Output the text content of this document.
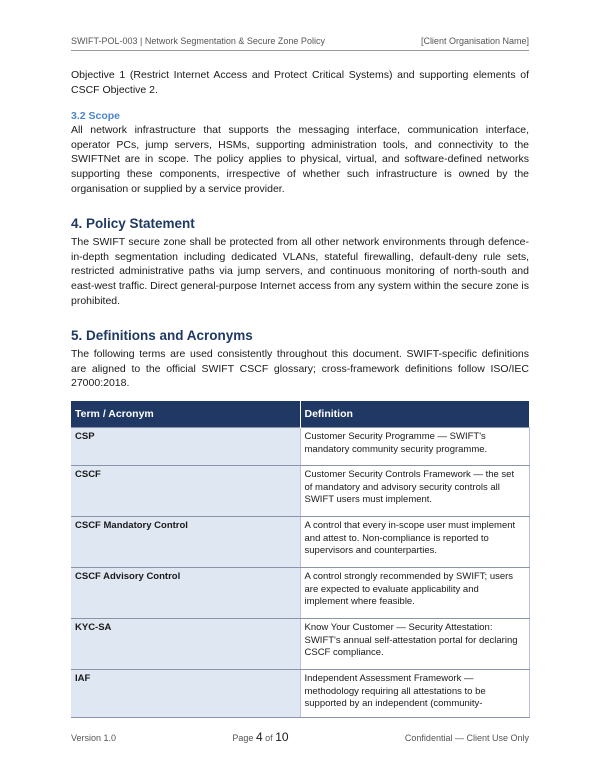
SWIFT-POL-003 | Network Segmentation & Secure Zone Policy	[Client Organisation Name]

Objective 1 (Restrict Internet Access and Protect Critical Systems) and supporting elements of CSCF Objective 2.

3.2 Scope

All network infrastructure that supports the messaging interface, communication interface, operator PCs, jump servers, HSMs, supporting administration tools, and connectivity to the SWIFTNet are in scope. The policy applies to physical, virtual, and software-defined networks supporting these components, irrespective of whether such infrastructure is owned by the organisation or supplied by a service provider.

4. Policy Statement

The SWIFT secure zone shall be protected from all other network environments through defence-in-depth segmentation including dedicated VLANs, stateful firewalling, default-deny rule sets, restricted administrative paths via jump servers, and continuous monitoring of north-south and east-west traffic. Direct general-purpose Internet access from any system within the secure zone is prohibited.

5. Definitions and Acronyms

The following terms are used consistently throughout this document. SWIFT-specific definitions are aligned to the official SWIFT CSCF glossary; cross-framework definitions follow ISO/IEC 27000:2018.

Term / Acronym	Definition
CSP	Customer Security Programme — SWIFT's mandatory community security programme.
CSCF	Customer Security Controls Framework — the set of mandatory and advisory security controls all SWIFT users must implement.
CSCF Mandatory Control	A control that every in-scope user must implement and attest to. Non-compliance is reported to supervisors and counterparties.
CSCF Advisory Control	A control strongly recommended by SWIFT; users are expected to evaluate applicability and implement where feasible.
KYC-SA	Know Your Customer — Security Attestation: SWIFT's annual self-attestation portal for declaring CSCF compliance.
IAF	Independent Assessment Framework — methodology requiring all attestations to be supported by an independent (community-
Version 1.0	Page 4 of 10	Confidential — Client Use Only
